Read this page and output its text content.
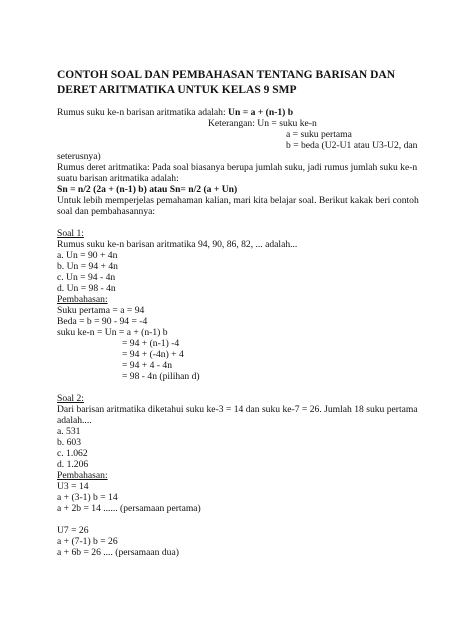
CONTOH SOAL DAN PEMBAHASAN TENTANG BARISAN DAN DERET ARITMATIKA UNTUK KELAS 9 SMP
Rumus suku ke-n barisan aritmatika adalah: Un = a + (n-1) b
Keterangan: Un = suku ke-n
a = suku pertama
b = beda (U2-U1 atau U3-U2, dan
seterusnya)
Rumus deret aritmatika: Pada soal biasanya berupa jumlah suku, jadi rumus jumlah suku ke-n
suatu barisan aritmatika adalah:
Sn = n/2 (2a + (n-1) b) atau Sn= n/2 (a + Un)
Untuk lebih memperjelas pemahaman kalian, mari kita belajar soal. Berikut kakak beri contoh
soal dan pembahasannya:
Soal 1:
Rumus suku ke-n barisan aritmatika 94, 90, 86, 82, ... adalah...
a. Un = 90 + 4n
b. Un = 94 + 4n
c. Un = 94 - 4n
d. Un = 98 - 4n
Pembahasan:
Suku pertama = a = 94
Beda = b = 90 - 94 = -4
suku ke-n = Un = a + (n-1) b
= 94 + (n-1) -4
= 94 + (-4n) + 4
= 94 + 4 - 4n
= 98 - 4n (pilihan d)
Soal 2:
Dari barisan aritmatika diketahui suku ke-3 = 14 dan suku ke-7 = 26. Jumlah 18 suku pertama
adalah....
a. 531
b. 603
c. 1.062
d. 1.206
Pembahasan:
U3 = 14
a + (3-1) b = 14
a + 2b = 14 ...... (persamaan pertama)
U7 = 26
a + (7-1) b = 26
a + 6b = 26 .... (persamaan dua)
